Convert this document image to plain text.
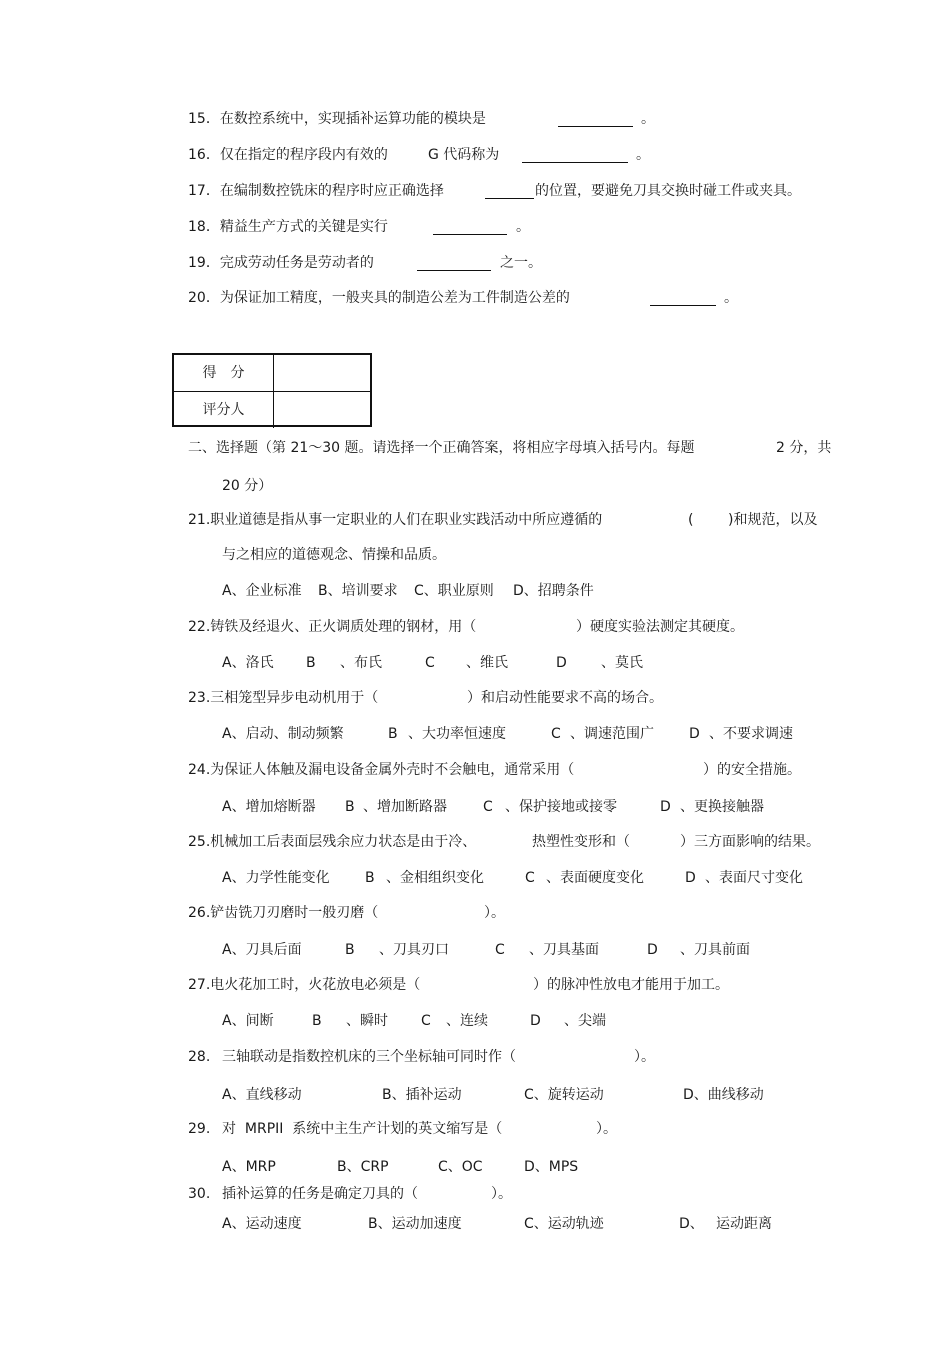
15．在数控系统中，实现插补运算功能的模块是	。
16．仅在指定的程序段内有效的	G 代码称为	。
17．在编制数控铣床的程序时应正确选择	的位置，要避免刀具交换时碰工件或夹具。
18．精益生产方式的关键是实行	。
19．完成劳动任务是劳动者的	之一。
20．为保证加工精度，一般夹具的制造公差为工件制造公差的	。
得　分
评分人
二、选择题（第 21～30 题。请选择一个正确答案，将相应字母填入括号内。每题	2 分，共
20 分）
21.职业道德是指从事一定职业的人们在职业实践活动中所应遵循的	( )和规范，以及
与之相应的道德观念、情操和品质。
A、企业标准 B、培训要求 C、职业原则 D、招聘条件
22.铸铁及经退火、正火调质处理的钢材，用（	）硬度实验法测定其硬度。
A、洛氏 B 、布氏	C 、维氏	D 、莫氏
23.三相笼型异步电动机用于（	）和启动性能要求不高的场合。
A、启动、制动频繁	B 、大功率恒速度	C 、调速范围广	D 、不要求调速
24.为保证人体触及漏电设备金属外壳时不会触电，通常采用（	）的安全措施。
A、增加熔断器 B 、增加断路器	C 、保护接地或接零	D 、更换接触器
25.机械加工后表面层残余应力状态是由于冷、	热塑性变形和（	）三方面影响的结果。
A、力学性能变化	B 、金相组织变化	C 、表面硬度变化	D 、表面尺寸变化
26.铲齿铣刀刃磨时一般刃磨（	）。
A、刀具后面	B 、刀具刃口	C 、刀具基面	D 、刀具前面
27.电火花加工时，火花放电必须是（	）的脉冲性放电才能用于加工。
A、间断	B 、瞬时 C 、连续	D 、尖端
28. 三轴联动是指数控机床的三个坐标轴可同时作（	）。
A、直线移动	B、插补运动	C、旋转运动	D、曲线移动
29. 对  MRPII  系统中主生产计划的英文缩写是（	）。
A、MRP	B、CRP	C、OC	D、MPS
30. 插补运算的任务是确定刀具的（	）。
A、运动速度	B、运动加速度	C、运动轨迹	D、 运动距离
